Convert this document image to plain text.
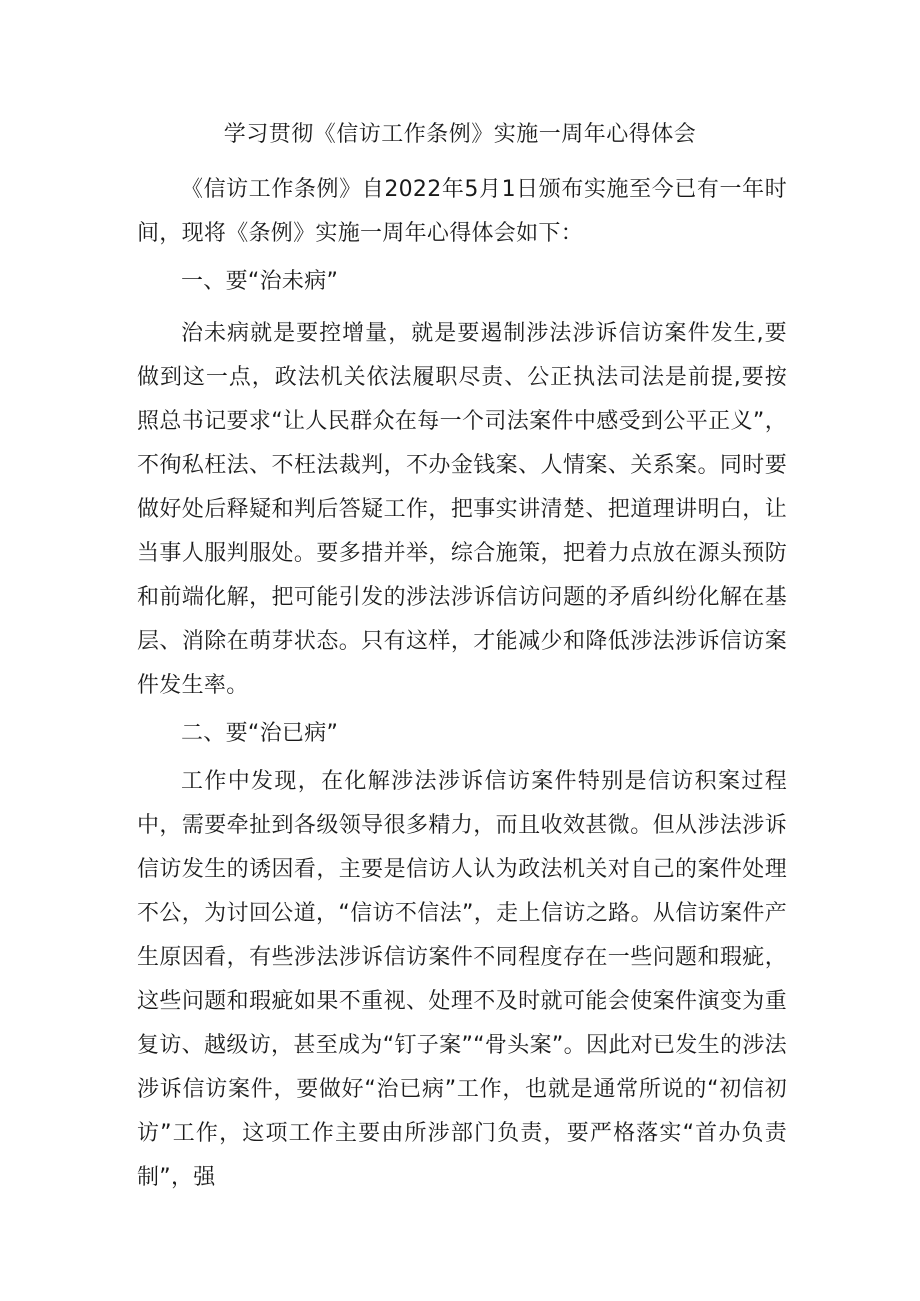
学习贯彻《信访工作条例》实施一周年心得体会

《信访工作条例》自2022年5月1日颁布实施至今已有一年时间，现将《条例》实施一周年心得体会如下：

一、要“治未病”

治未病就是要控增量，就是要遏制涉法涉诉信访案件发生,要做到这一点，政法机关依法履职尽责、公正执法司法是前提,要按照总书记要求“让人民群众在每一个司法案件中感受到公平正义”，不徇私枉法、不枉法裁判，不办金钱案、人情案、关系案。同时要做好处后释疑和判后答疑工作，把事实讲清楚、把道理讲明白，让当事人服判服处。要多措并举，综合施策，把着力点放在源头预防和前端化解，把可能引发的涉法涉诉信访问题的矛盾纠纷化解在基层、消除在萌芽状态。只有这样，才能减少和降低涉法涉诉信访案件发生率。

二、要“治已病”

工作中发现，在化解涉法涉诉信访案件特别是信访积案过程中，需要牵扯到各级领导很多精力，而且收效甚微。但从涉法涉诉信访发生的诱因看，主要是信访人认为政法机关对自己的案件处理不公，为讨回公道，“信访不信法”，走上信访之路。从信访案件产生原因看，有些涉法涉诉信访案件不同程度存在一些问题和瑕疵，这些问题和瑕疵如果不重视、处理不及时就可能会使案件演变为重复访、越级访，甚至成为“钉子案”“骨头案”。因此对已发生的涉法涉诉信访案件，要做好“治已病”工作，也就是通常所说的“初信初访”工作，这项工作主要由所涉部门负责，要严格落实“首办负责制”，强
